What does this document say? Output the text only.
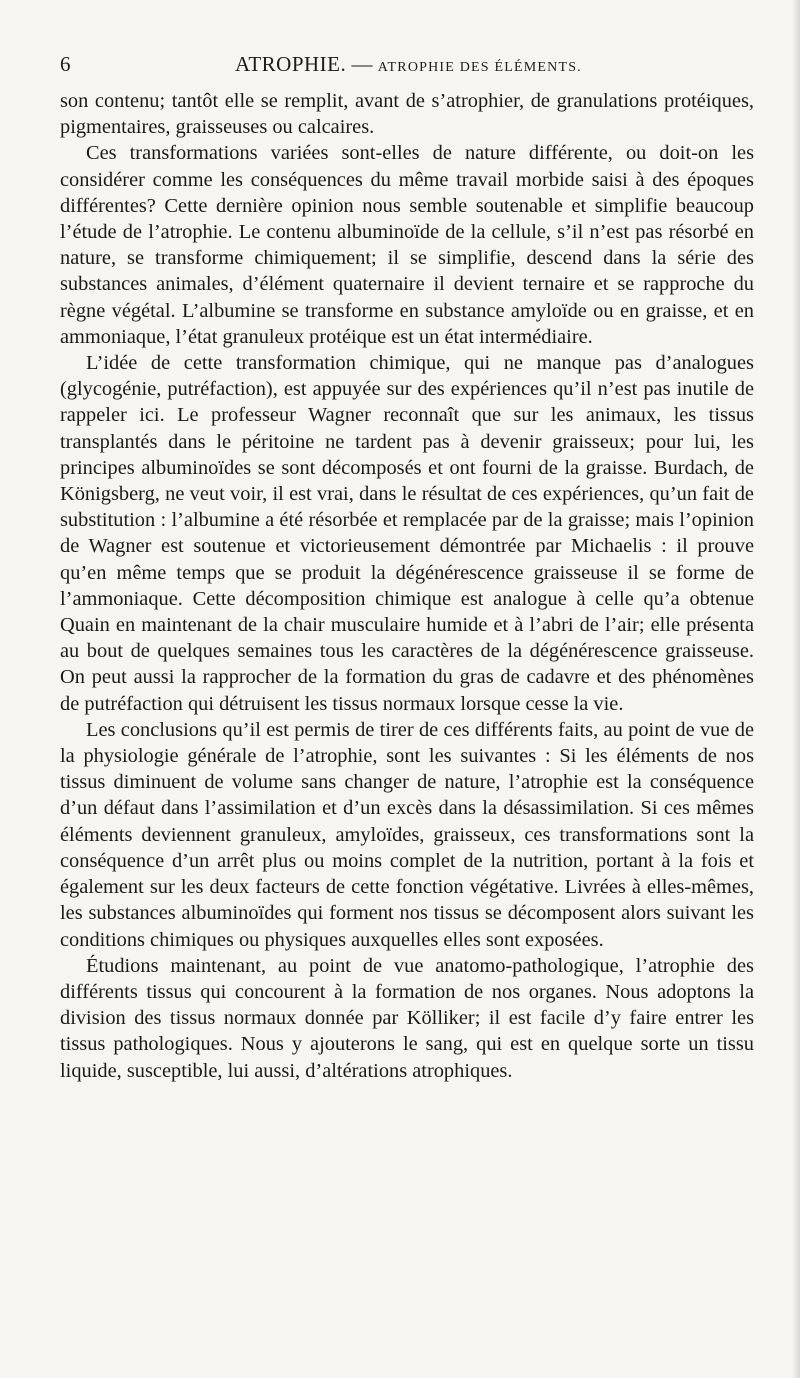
6	ATROPHIE. — ATROPHIE DES ÉLÉMENTS.

son contenu; tantôt elle se remplit, avant de s’atrophier, de granulations protéiques, pigmentaires, graisseuses ou calcaires.

Ces transformations variées sont-elles de nature différente, ou doit-on les considérer comme les conséquences du même travail morbide saisi à des époques différentes? Cette dernière opinion nous semble soutenable et simplifie beaucoup l’étude de l’atrophie. Le contenu albuminoïde de la cellule, s’il n’est pas résorbé en nature, se transforme chimiquement; il se simplifie, descend dans la série des substances animales, d’élément quaternaire il devient ternaire et se rapproche du règne végétal. L’albumine se transforme en substance amyloïde ou en graisse, et en ammoniaque, l’état granuleux protéique est un état intermédiaire.

L’idée de cette transformation chimique, qui ne manque pas d’analogues (glycogénie, putréfaction), est appuyée sur des expériences qu’il n’est pas inutile de rappeler ici. Le professeur Wagner reconnaît que sur les animaux, les tissus transplantés dans le péritoine ne tardent pas à devenir graisseux; pour lui, les principes albuminoïdes se sont décomposés et ont fourni de la graisse. Burdach, de Königsberg, ne veut voir, il est vrai, dans le résultat de ces expériences, qu’un fait de substitution : l’albumine a été résorbée et remplacée par de la graisse; mais l’opinion de Wagner est soutenue et victorieusement démontrée par Michaelis : il prouve qu’en même temps que se produit la dégénérescence graisseuse il se forme de l’ammoniaque. Cette décomposition chimique est analogue à celle qu’a obtenue Quain en maintenant de la chair musculaire humide et à l’abri de l’air; elle présenta au bout de quelques semaines tous les caractères de la dégénérescence graisseuse. On peut aussi la rapprocher de la formation du gras de cadavre et des phénomènes de putréfaction qui détruisent les tissus normaux lorsque cesse la vie.

Les conclusions qu’il est permis de tirer de ces différents faits, au point de vue de la physiologie générale de l’atrophie, sont les suivantes : Si les éléments de nos tissus diminuent de volume sans changer de nature, l’atrophie est la conséquence d’un défaut dans l’assimilation et d’un excès dans la désassimilation. Si ces mêmes éléments deviennent granuleux, amyloïdes, graisseux, ces transformations sont la conséquence d’un arrêt plus ou moins complet de la nutrition, portant à la fois et également sur les deux facteurs de cette fonction végétative. Livrées à elles-mêmes, les substances albuminoïdes qui forment nos tissus se décomposent alors suivant les conditions chimiques ou physiques auxquelles elles sont exposées.

Étudions maintenant, au point de vue anatomo-pathologique, l’atrophie des différents tissus qui concourent à la formation de nos organes. Nous adoptons la division des tissus normaux donnée par Kölliker; il est facile d’y faire entrer les tissus pathologiques. Nous y ajouterons le sang, qui est en quelque sorte un tissu liquide, susceptible, lui aussi, d’altérations atrophiques.
